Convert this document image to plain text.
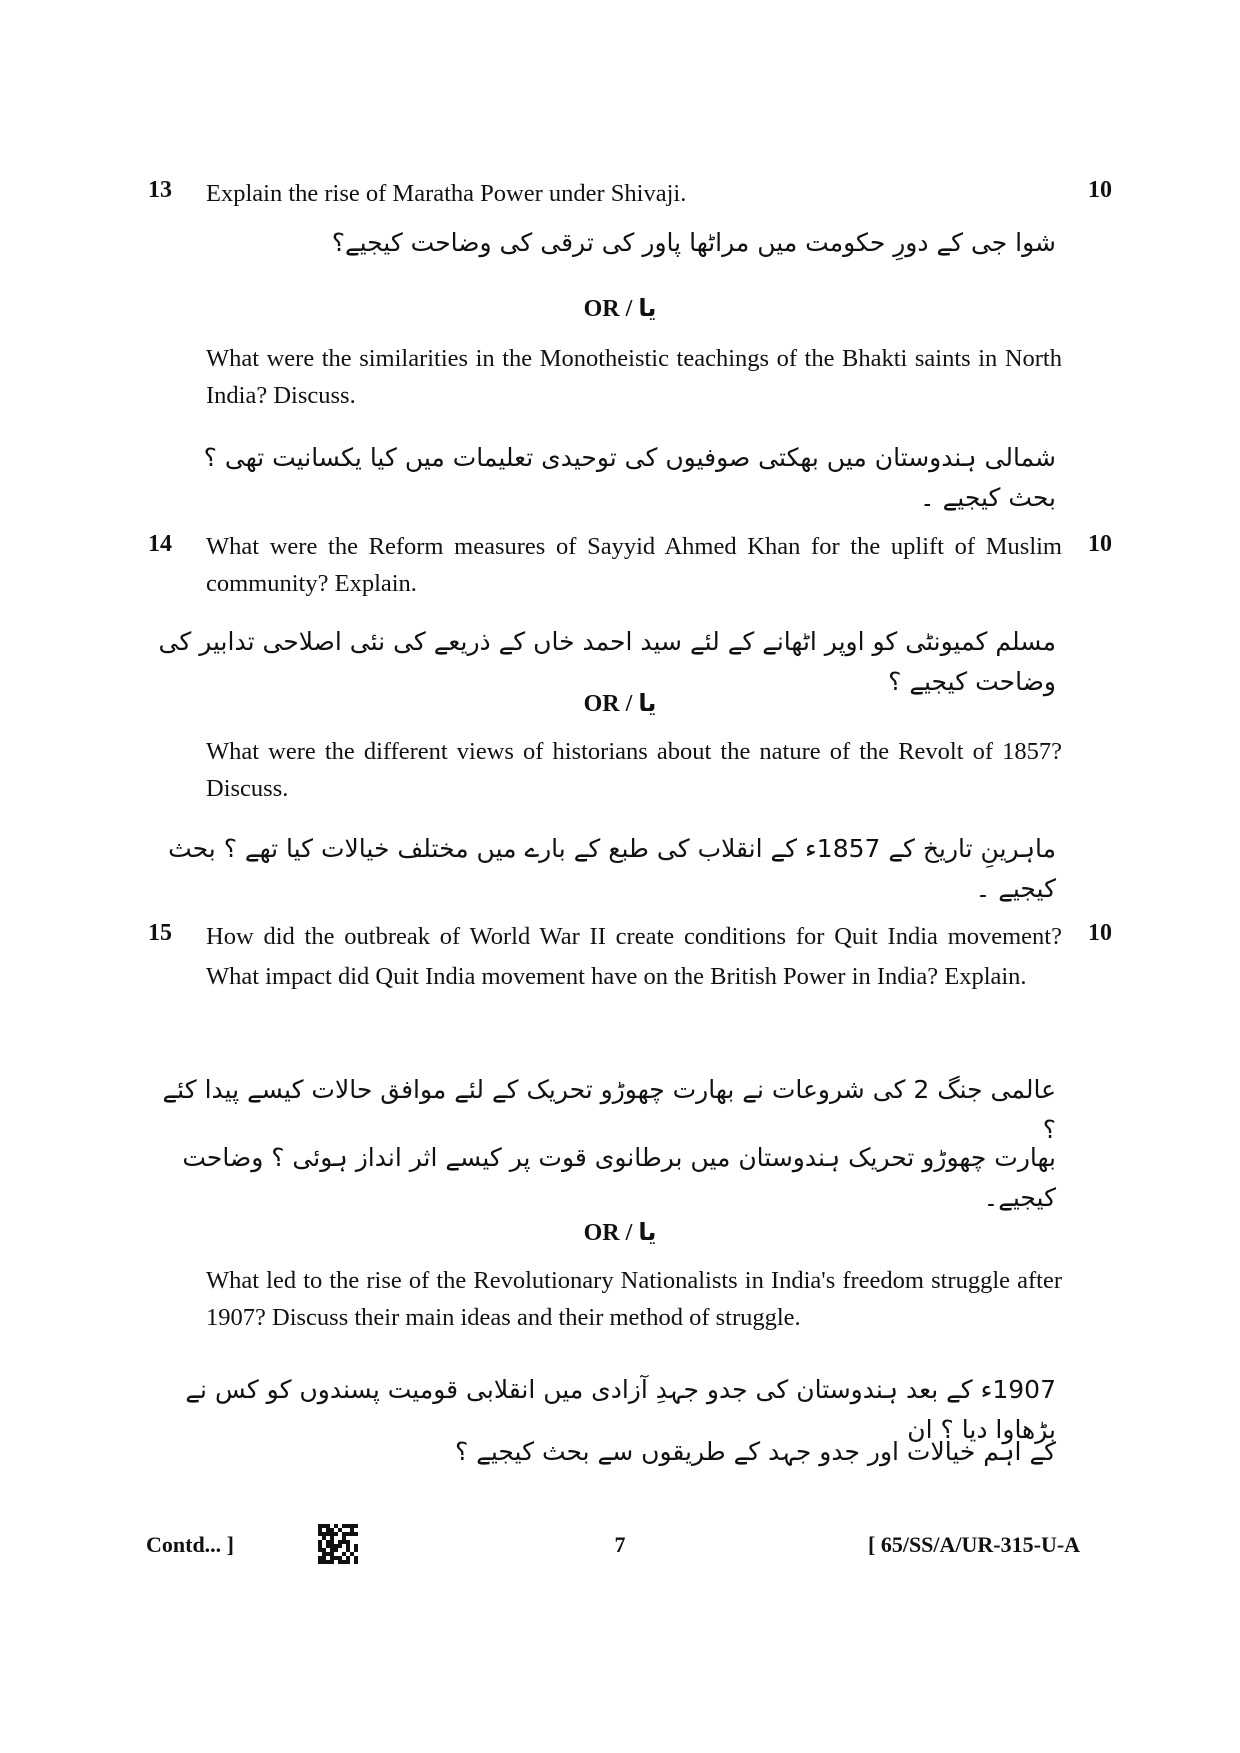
13	10
Explain the rise of Maratha Power under Shivaji.
شوا جی کے دورِ حکومت میں مراٹھا پاور کی ترقی کی وضاحت کیجیے؟
OR / یا
What were the similarities in the Monotheistic teachings of the Bhakti saints in North India? Discuss.
شمالی ہندوستان میں بھکتی صوفیوں کی توحیدی تعلیمات میں کیا یکسانیت تھی ؟ بحث کیجیے ۔
14	10
What were the Reform measures of Sayyid Ahmed Khan for the uplift of Muslim community? Explain.
مسلم کمیونٹی کو اوپر اٹھانے کے لئے سید احمد خاں کے ذریعے کی نئی اصلاحی تدابیر کی وضاحت کیجیے ؟
OR / یا
What were the different views of historians about the nature of the Revolt of 1857? Discuss.
ماہرینِ تاریخ کے 1857ء کے انقلاب کی طبع کے بارے میں مختلف خیالات کیا تھے ؟ بحث کیجیے ۔
15	10
How did the outbreak of World War II create conditions for Quit India movement? What impact did Quit India movement have on the British Power in India? Explain.
عالمی جنگ 2 کی شروعات نے بھارت چھوڑو تحریک کے لئے موافق حالات کیسے پیدا کئے ؟
بھارت چھوڑو تحریک ہندوستان میں برطانوی قوت پر کیسے اثر انداز ہوئی ؟ وضاحت کیجیے۔
OR / یا
What led to the rise of the Revolutionary Nationalists in India's freedom struggle after 1907? Discuss their main ideas and their method of struggle.
1907ء کے بعد ہندوستان کی جدو جہدِ آزادی میں انقلابی قومیت پسندوں کو کس نے بڑھاوا دیا ؟ ان
کے اہم خیالات اور جدو جہد کے طریقوں سے بحث کیجیے ؟
Contd... ]	7	[ 65/SS/A/UR-315-U-A
